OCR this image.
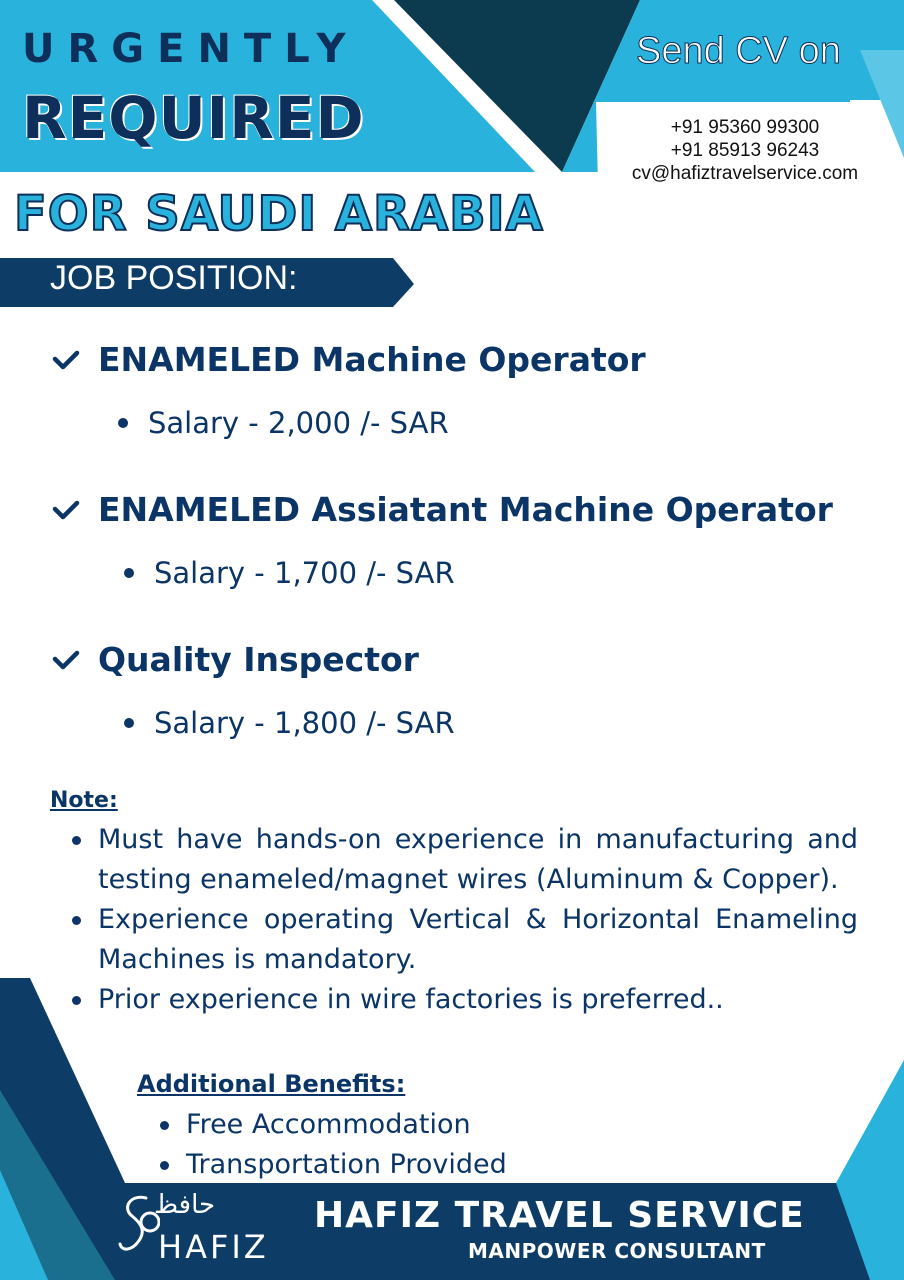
URGENTLY
REQUIRED
Send CV on
+91 95360 99300
+91 85913 96243
cv@hafiztravelservice.com
FOR SAUDI ARABIA
JOB POSITION:
ENAMELED Machine Operator
Salary - 2,000 /- SAR
ENAMELED Assiatant Machine Operator
Salary - 1,700 /- SAR
Quality Inspector
Salary - 1,800 /- SAR
Note:
Must have hands-on experience in manufacturing and testing enameled/magnet wires (Aluminum & Copper).
Experience operating Vertical & Horizontal Enameling Machines is mandatory.
Prior experience in wire factories is preferred..
Additional Benefits:
Free Accommodation
Transportation Provided
حافظ
HAFIZ
HAFIZ TRAVEL SERVICE
MANPOWER CONSULTANT
